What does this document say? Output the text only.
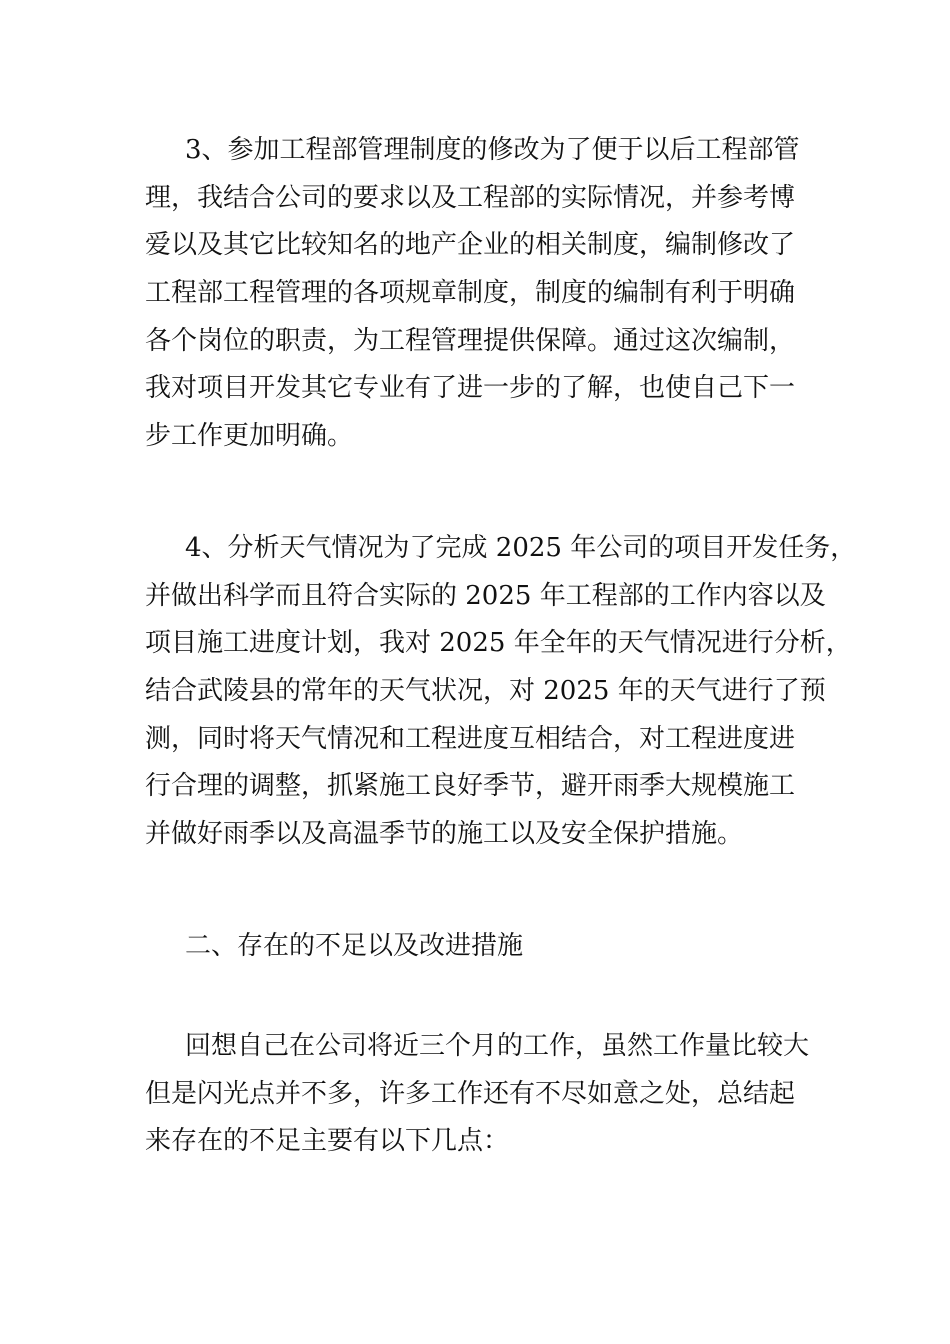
3、参加工程部管理制度的修改为了便于以后工程部管
理，我结合公司的要求以及工程部的实际情况，并参考博
爱以及其它比较知名的地产企业的相关制度，编制修改了
工程部工程管理的各项规章制度，制度的编制有利于明确
各个岗位的职责，为工程管理提供保障。通过这次编制，
我对项目开发其它专业有了进一步的了解，也使自己下一
步工作更加明确。
4、分析天气情况为了完成 2025 年公司的项目开发任务，
并做出科学而且符合实际的 2025 年工程部的工作内容以及
项目施工进度计划，我对 2025 年全年的天气情况进行分析，
结合武陵县的常年的天气状况，对 2025 年的天气进行了预
测，同时将天气情况和工程进度互相结合，对工程进度进
行合理的调整，抓紧施工良好季节，避开雨季大规模施工
并做好雨季以及高温季节的施工以及安全保护措施。
二、存在的不足以及改进措施
回想自己在公司将近三个月的工作，虽然工作量比较大
但是闪光点并不多，许多工作还有不尽如意之处，总结起
来存在的不足主要有以下几点：
